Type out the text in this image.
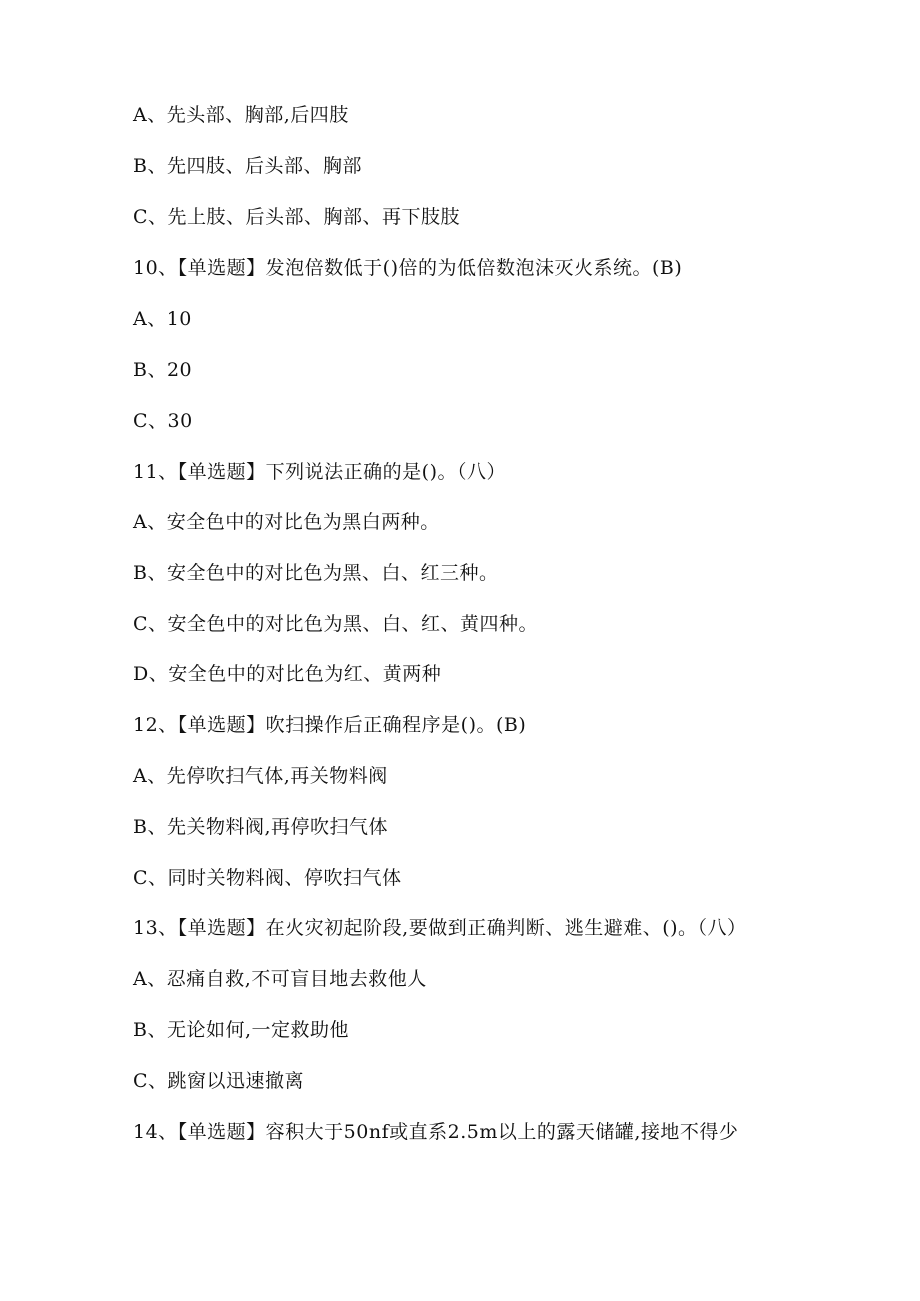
A、先头部、胸部,后四肢
B、先四肢、后头部、胸部
C、先上肢、后头部、胸部、再下肢肢
10、【单选题】发泡倍数低于()倍的为低倍数泡沫灭火系统。(B)
A、10
B、20
C、30
11、【单选题】下列说法正确的是()。（八）
A、安全色中的对比色为黑白两种。
B、安全色中的对比色为黑、白、红三种。
C、安全色中的对比色为黑、白、红、黄四种。
D、安全色中的对比色为红、黄两种
12、【单选题】吹扫操作后正确程序是()。(B)
A、先停吹扫气体,再关物料阀
B、先关物料阀,再停吹扫气体
C、同时关物料阀、停吹扫气体
13、【单选题】在火灾初起阶段,要做到正确判断、逃生避难、()。（八）
A、忍痛自救,不可盲目地去救他人
B、无论如何,一定救助他
C、跳窗以迅速撤离
14、【单选题】容积大于50nf或直系2.5m以上的露天储罐,接地不得少
